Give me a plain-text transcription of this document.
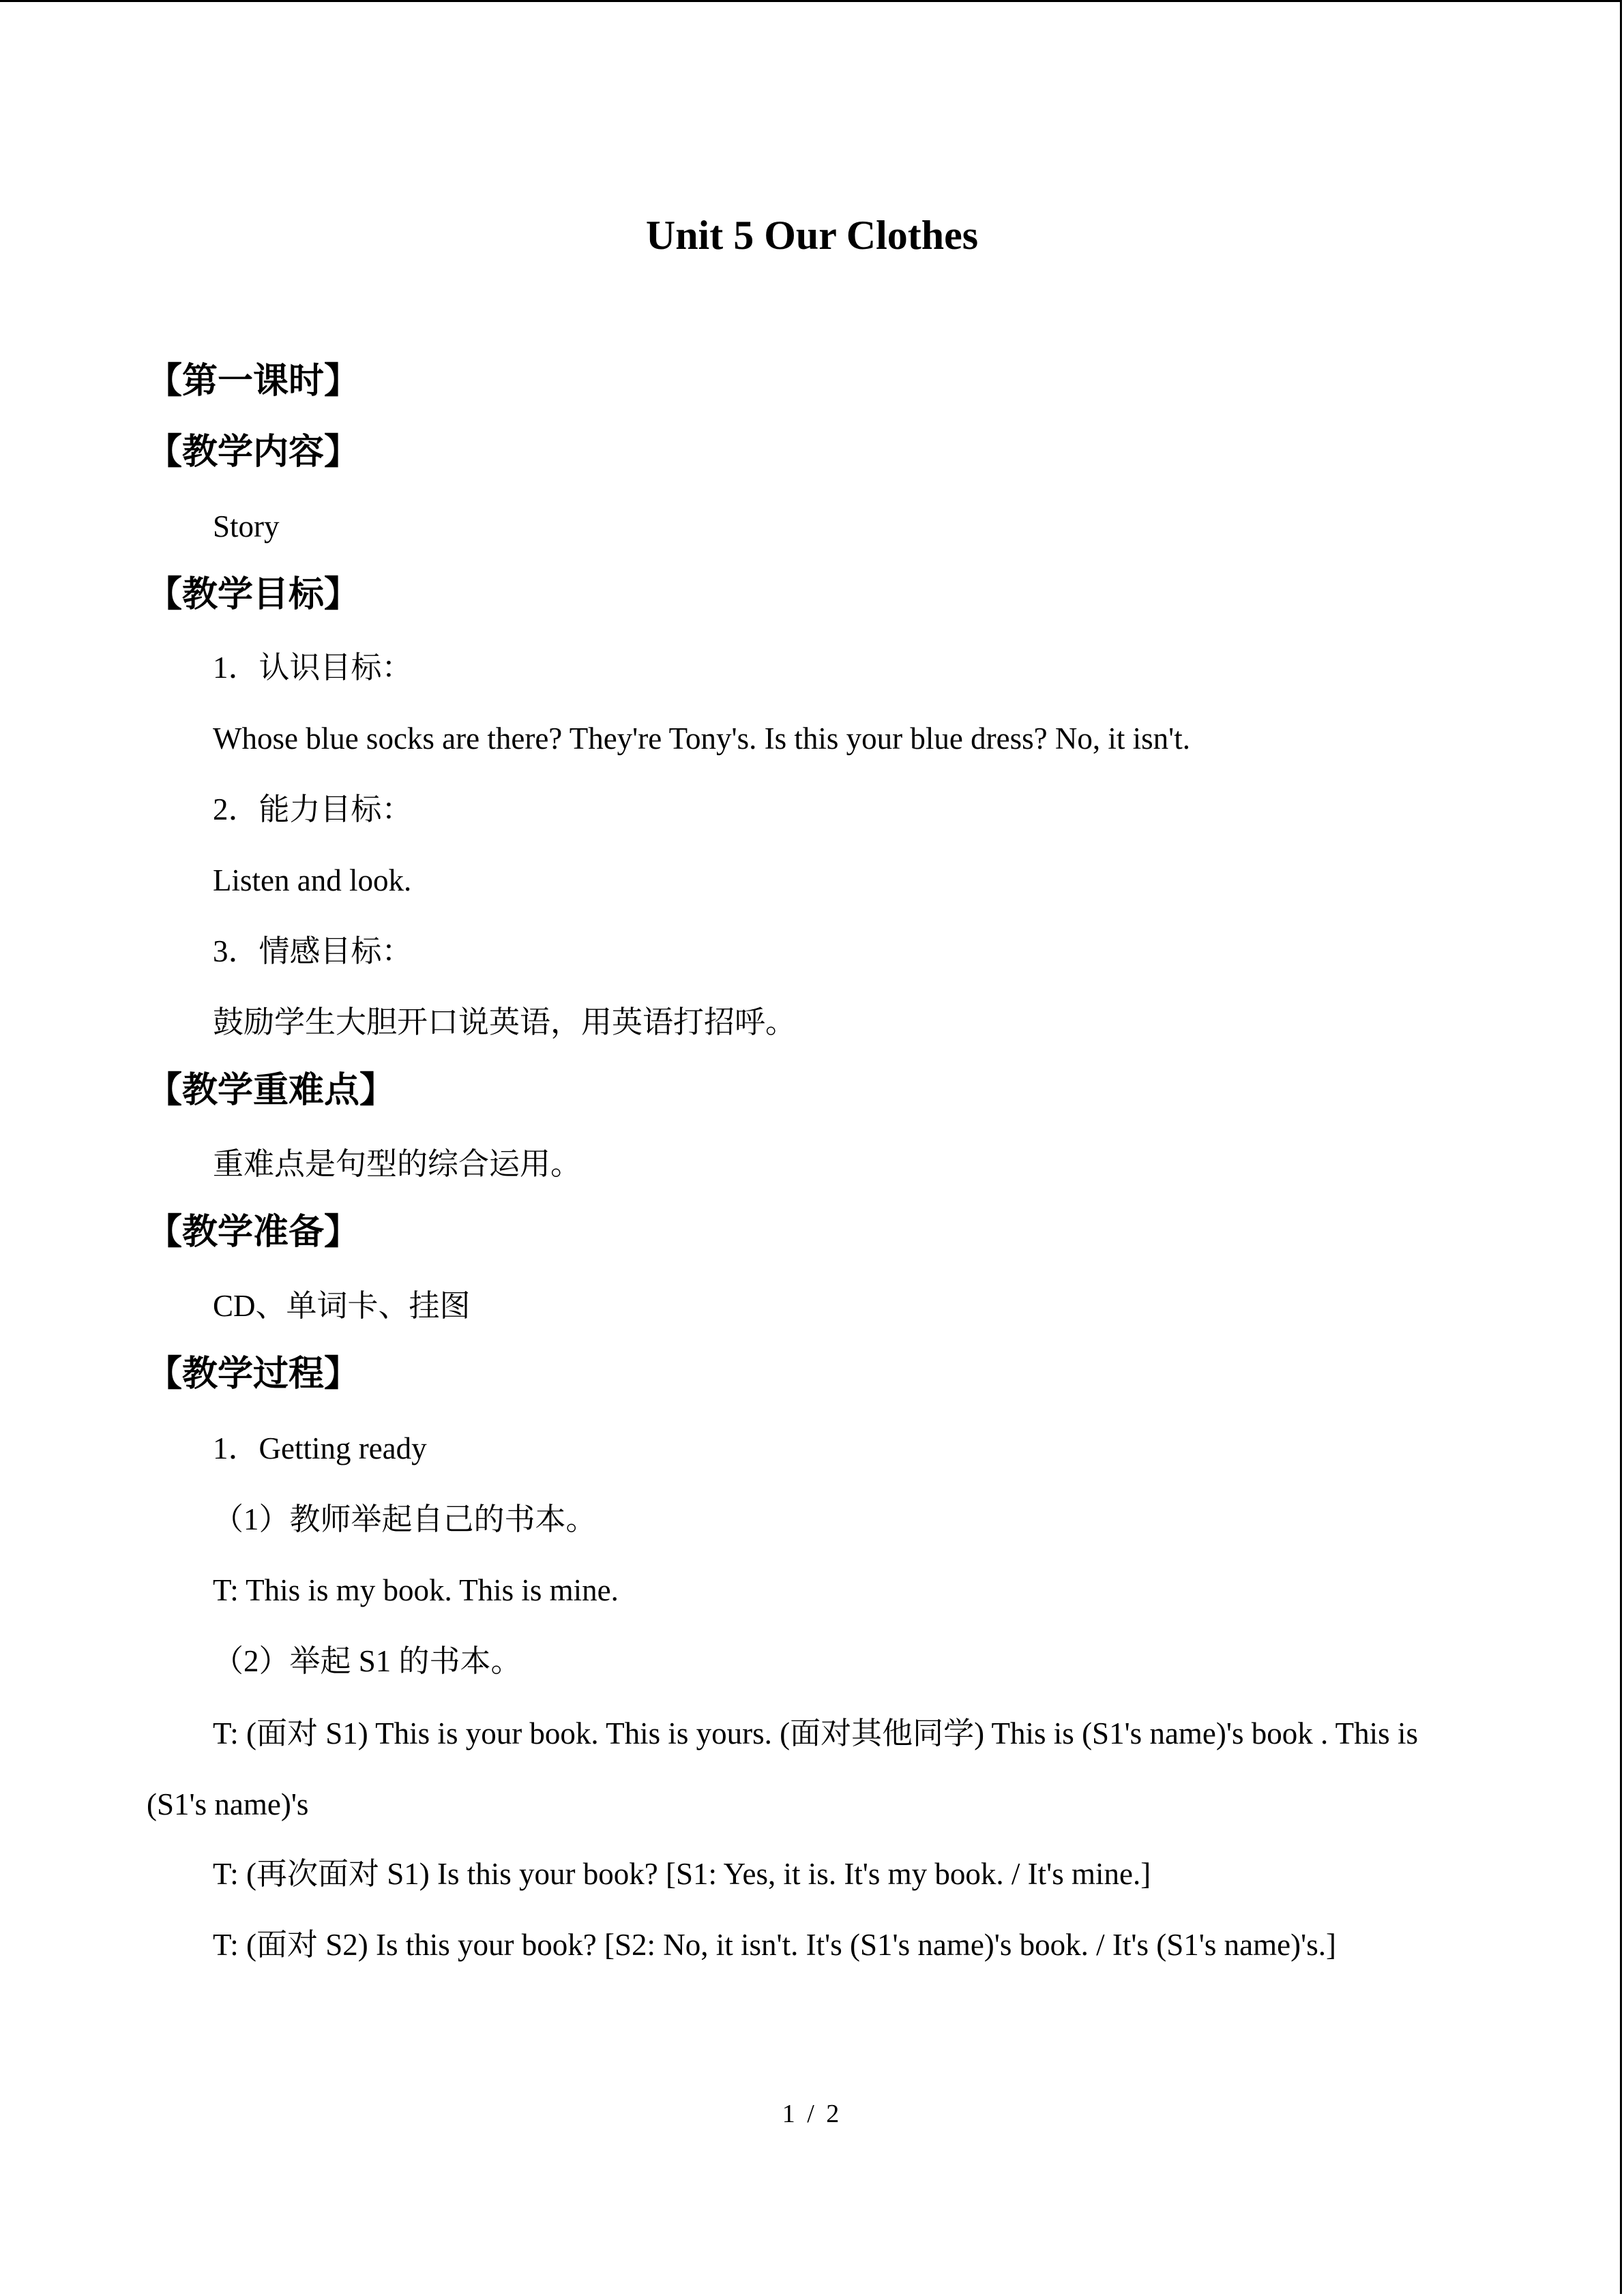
Unit 5 Our Clothes
【第一课时】
【教学内容】
Story
【教学目标】
1．认识目标：
Whose blue socks are there? They're Tony's. Is this your blue dress? No, it isn't.
2．能力目标：
Listen and look.
3．情感目标：
鼓励学生大胆开口说英语，用英语打招呼。
【教学重难点】
重难点是句型的综合运用。
【教学准备】
CD、单词卡、挂图
【教学过程】
1．Getting ready
（1）教师举起自己的书本。
T: This is my book. This is mine.
（2）举起 S1 的书本。
T: (面对 S1) This is your book. This is yours. (面对其他同学) This is (S1's name)'s book . This is (S1's name)'s
T: (再次面对 S1) Is this your book? [S1: Yes, it is. It's my book. / It's mine.]
T: (面对 S2) Is this your book? [S2: No, it isn't. It's (S1's name)'s book. / It's (S1's name)'s.]
1 / 2
